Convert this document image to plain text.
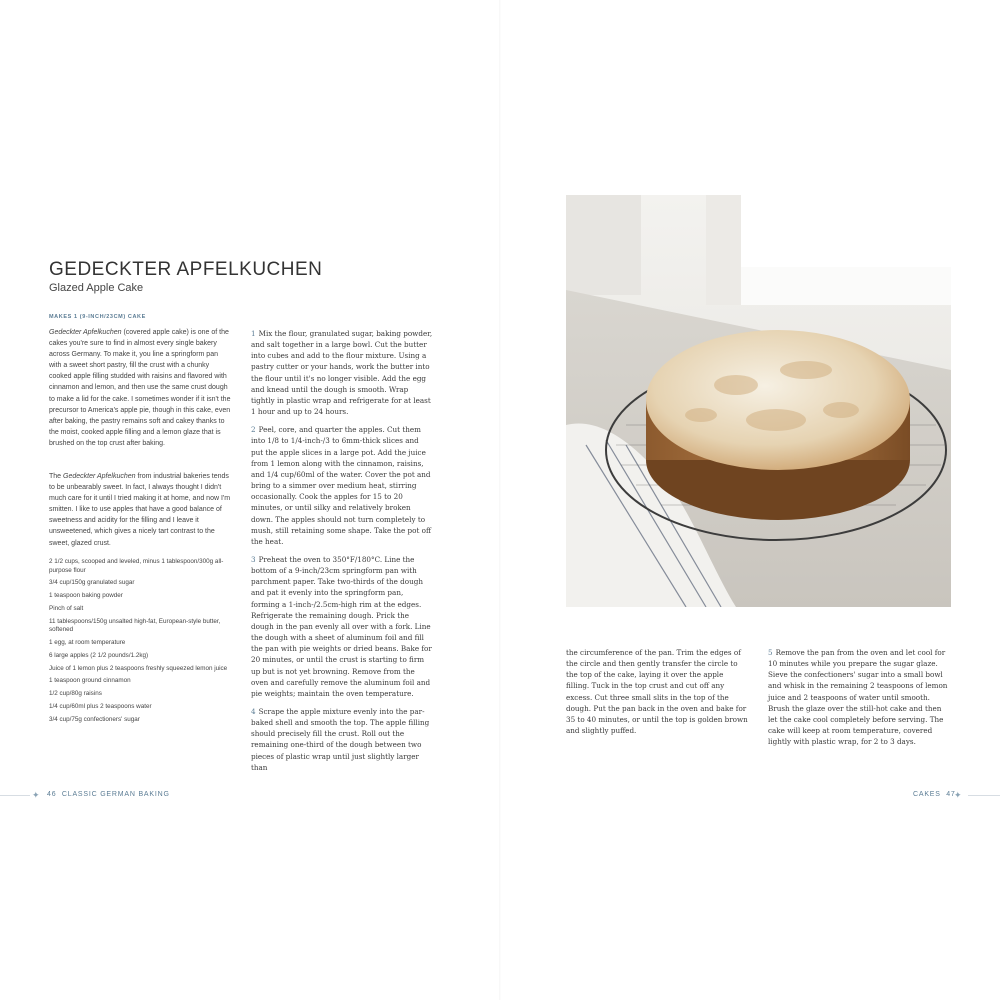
GEDECKTER APFELKUCHEN
Glazed Apple Cake
MAKES 1 (9-INCH/23CM) CAKE

Gedeckter Apfelkuchen (covered apple cake) is one of the cakes you're sure to find in almost every single bakery across Germany. To make it, you line a springform pan with a sweet short pastry, fill the crust with a chunky cooked apple filling studded with raisins and flavored with cinnamon and lemon, and then use the same crust dough to make a lid for the cake. I sometimes wonder if it isn't the precursor to America's apple pie, though in this cake, even after baking, the pastry remains soft and cakey thanks to the moist, cooked apple filling and a lemon glaze that is brushed on the top crust after baking.

The Gedeckter Apfelkuchen from industrial bakeries tends to be unbearably sweet. In fact, I always thought I didn't much care for it until I tried making it at home, and now I'm smitten. I like to use apples that have a good balance of sweetness and acidity for the filling and I leave it unsweetened, which gives a nicely tart contrast to the sweet, glazed crust.

2 1/2 cups, scooped and leveled, minus 1 tablespoon/300g all-purpose flour
3/4 cup/150g granulated sugar
1 teaspoon baking powder
Pinch of salt
11 tablespoons/150g unsalted high-fat, European-style butter, softened
1 egg, at room temperature
6 large apples (2 1/2 pounds/1.2kg)
Juice of 1 lemon plus 2 teaspoons freshly squeezed lemon juice
1 teaspoon ground cinnamon
1/2 cup/80g raisins
1/4 cup/60ml plus 2 teaspoons water
3/4 cup/75g confectioners' sugar

1 Mix the flour, granulated sugar, baking powder, and salt together in a large bowl. Cut the butter into cubes and add to the flour mixture. Using a pastry cutter or your hands, work the butter into the flour until it's no longer visible. Add the egg and knead until the dough is smooth. Wrap tightly in plastic wrap and refrigerate for at least 1 hour and up to 24 hours.

2 Peel, core, and quarter the apples. Cut them into 1/8 to 1/4-inch-/3 to 6mm-thick slices and put the apple slices in a large pot. Add the juice from 1 lemon along with the cinnamon, raisins, and 1/4 cup/60ml of the water. Cover the pot and bring to a simmer over medium heat, stirring occasionally. Cook the apples for 15 to 20 minutes, or until silky and relatively broken down. The apples should not turn completely to mush, still retaining some shape. Take the pot off the heat.

3 Preheat the oven to 350°F/180°C. Line the bottom of a 9-inch/23cm springform pan with parchment paper. Take two-thirds of the dough and pat it evenly into the springform pan, forming a 1-inch-/2.5cm-high rim at the edges. Refrigerate the remaining dough. Prick the dough in the pan evenly all over with a fork. Line the dough with a sheet of aluminum foil and fill the pan with pie weights or dried beans. Bake for 20 minutes, or until the crust is starting to firm up but is not yet browning. Remove from the oven and carefully remove the aluminum foil and pie weights; maintain the oven temperature.

4 Scrape the apple mixture evenly into the par-baked shell and smooth the top. The apple filling should precisely fill the crust. Roll out the remaining one-third of the dough between two pieces of plastic wrap until just slightly larger than

the circumference of the pan. Trim the edges of the circle and then gently transfer the circle to the top of the cake, laying it over the apple filling. Tuck in the top crust and cut off any excess. Cut three small slits in the top of the dough. Put the pan back in the oven and bake for 35 to 40 minutes, or until the top is golden brown and slightly puffed.

5 Remove the pan from the oven and let cool for 10 minutes while you prepare the sugar glaze. Sieve the confectioners' sugar into a small bowl and whisk in the remaining 2 teaspoons of lemon juice and 2 teaspoons of water until smooth. Brush the glaze over the still-hot cake and then let the cake cool completely before serving. The cake will keep at room temperature, covered lightly with plastic wrap, for 2 to 3 days.

✦ 46 CLASSIC GERMAN BAKING	CAKES 47
✦
